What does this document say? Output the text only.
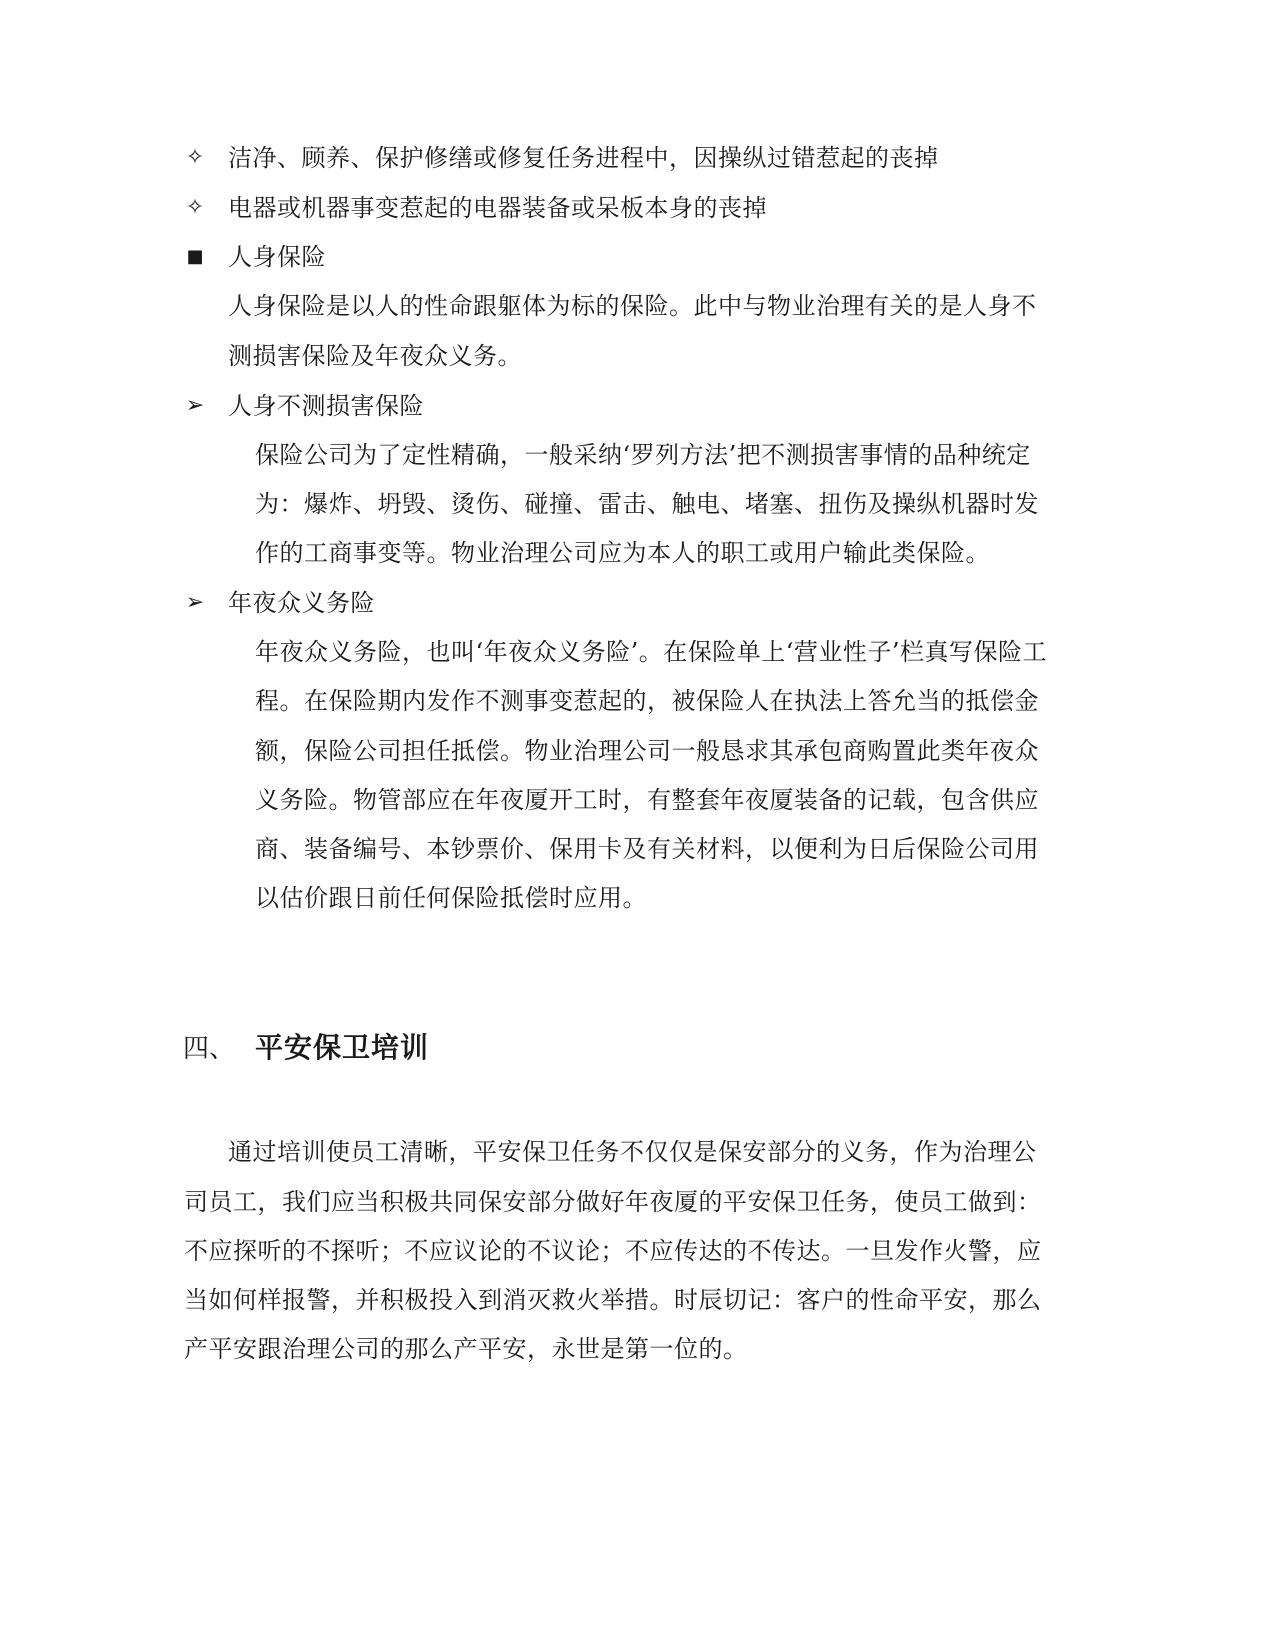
✧ 洁净、顾养、保护修缮或修复任务进程中，因操纵过错惹起的丧掉
✧ 电器或机器事变惹起的电器装备或呆板本身的丧掉
■ 人身保险
人身保险是以人的性命跟躯体为标的保险。此中与物业治理有关的是人身不
测损害保险及年夜众义务。
➢ 人身不测损害保险
保险公司为了定性精确，一般采纳‘罗列方法’把不测损害事情的品种统定
为：爆炸、坍毁、烫伤、碰撞、雷击、触电、堵塞、扭伤及操纵机器时发
作的工商事变等。物业治理公司应为本人的职工或用户输此类保险。
➢ 年夜众义务险
年夜众义务险，也叫‘年夜众义务险’。在保险单上‘营业性子’栏真写保险工
程。在保险期内发作不测事变惹起的，被保险人在执法上答允当的抵偿金
额，保险公司担任抵偿。物业治理公司一般恳求其承包商购置此类年夜众
义务险。物管部应在年夜厦开工时，有整套年夜厦装备的记载，包含供应
商、装备编号、本钞票价、保用卡及有关材料，以便利为日后保险公司用
以估价跟日前任何保险抵偿时应用。
四、 平安保卫培训
通过培训使员工清晰，平安保卫任务不仅仅是保安部分的义务，作为治理公
司员工，我们应当积极共同保安部分做好年夜厦的平安保卫任务，使员工做到：
不应探听的不探听；不应议论的不议论；不应传达的不传达。一旦发作火警，应
当如何样报警，并积极投入到消灭救火举措。时辰切记：客户的性命平安，那么
产平安跟治理公司的那么产平安，永世是第一位的。
